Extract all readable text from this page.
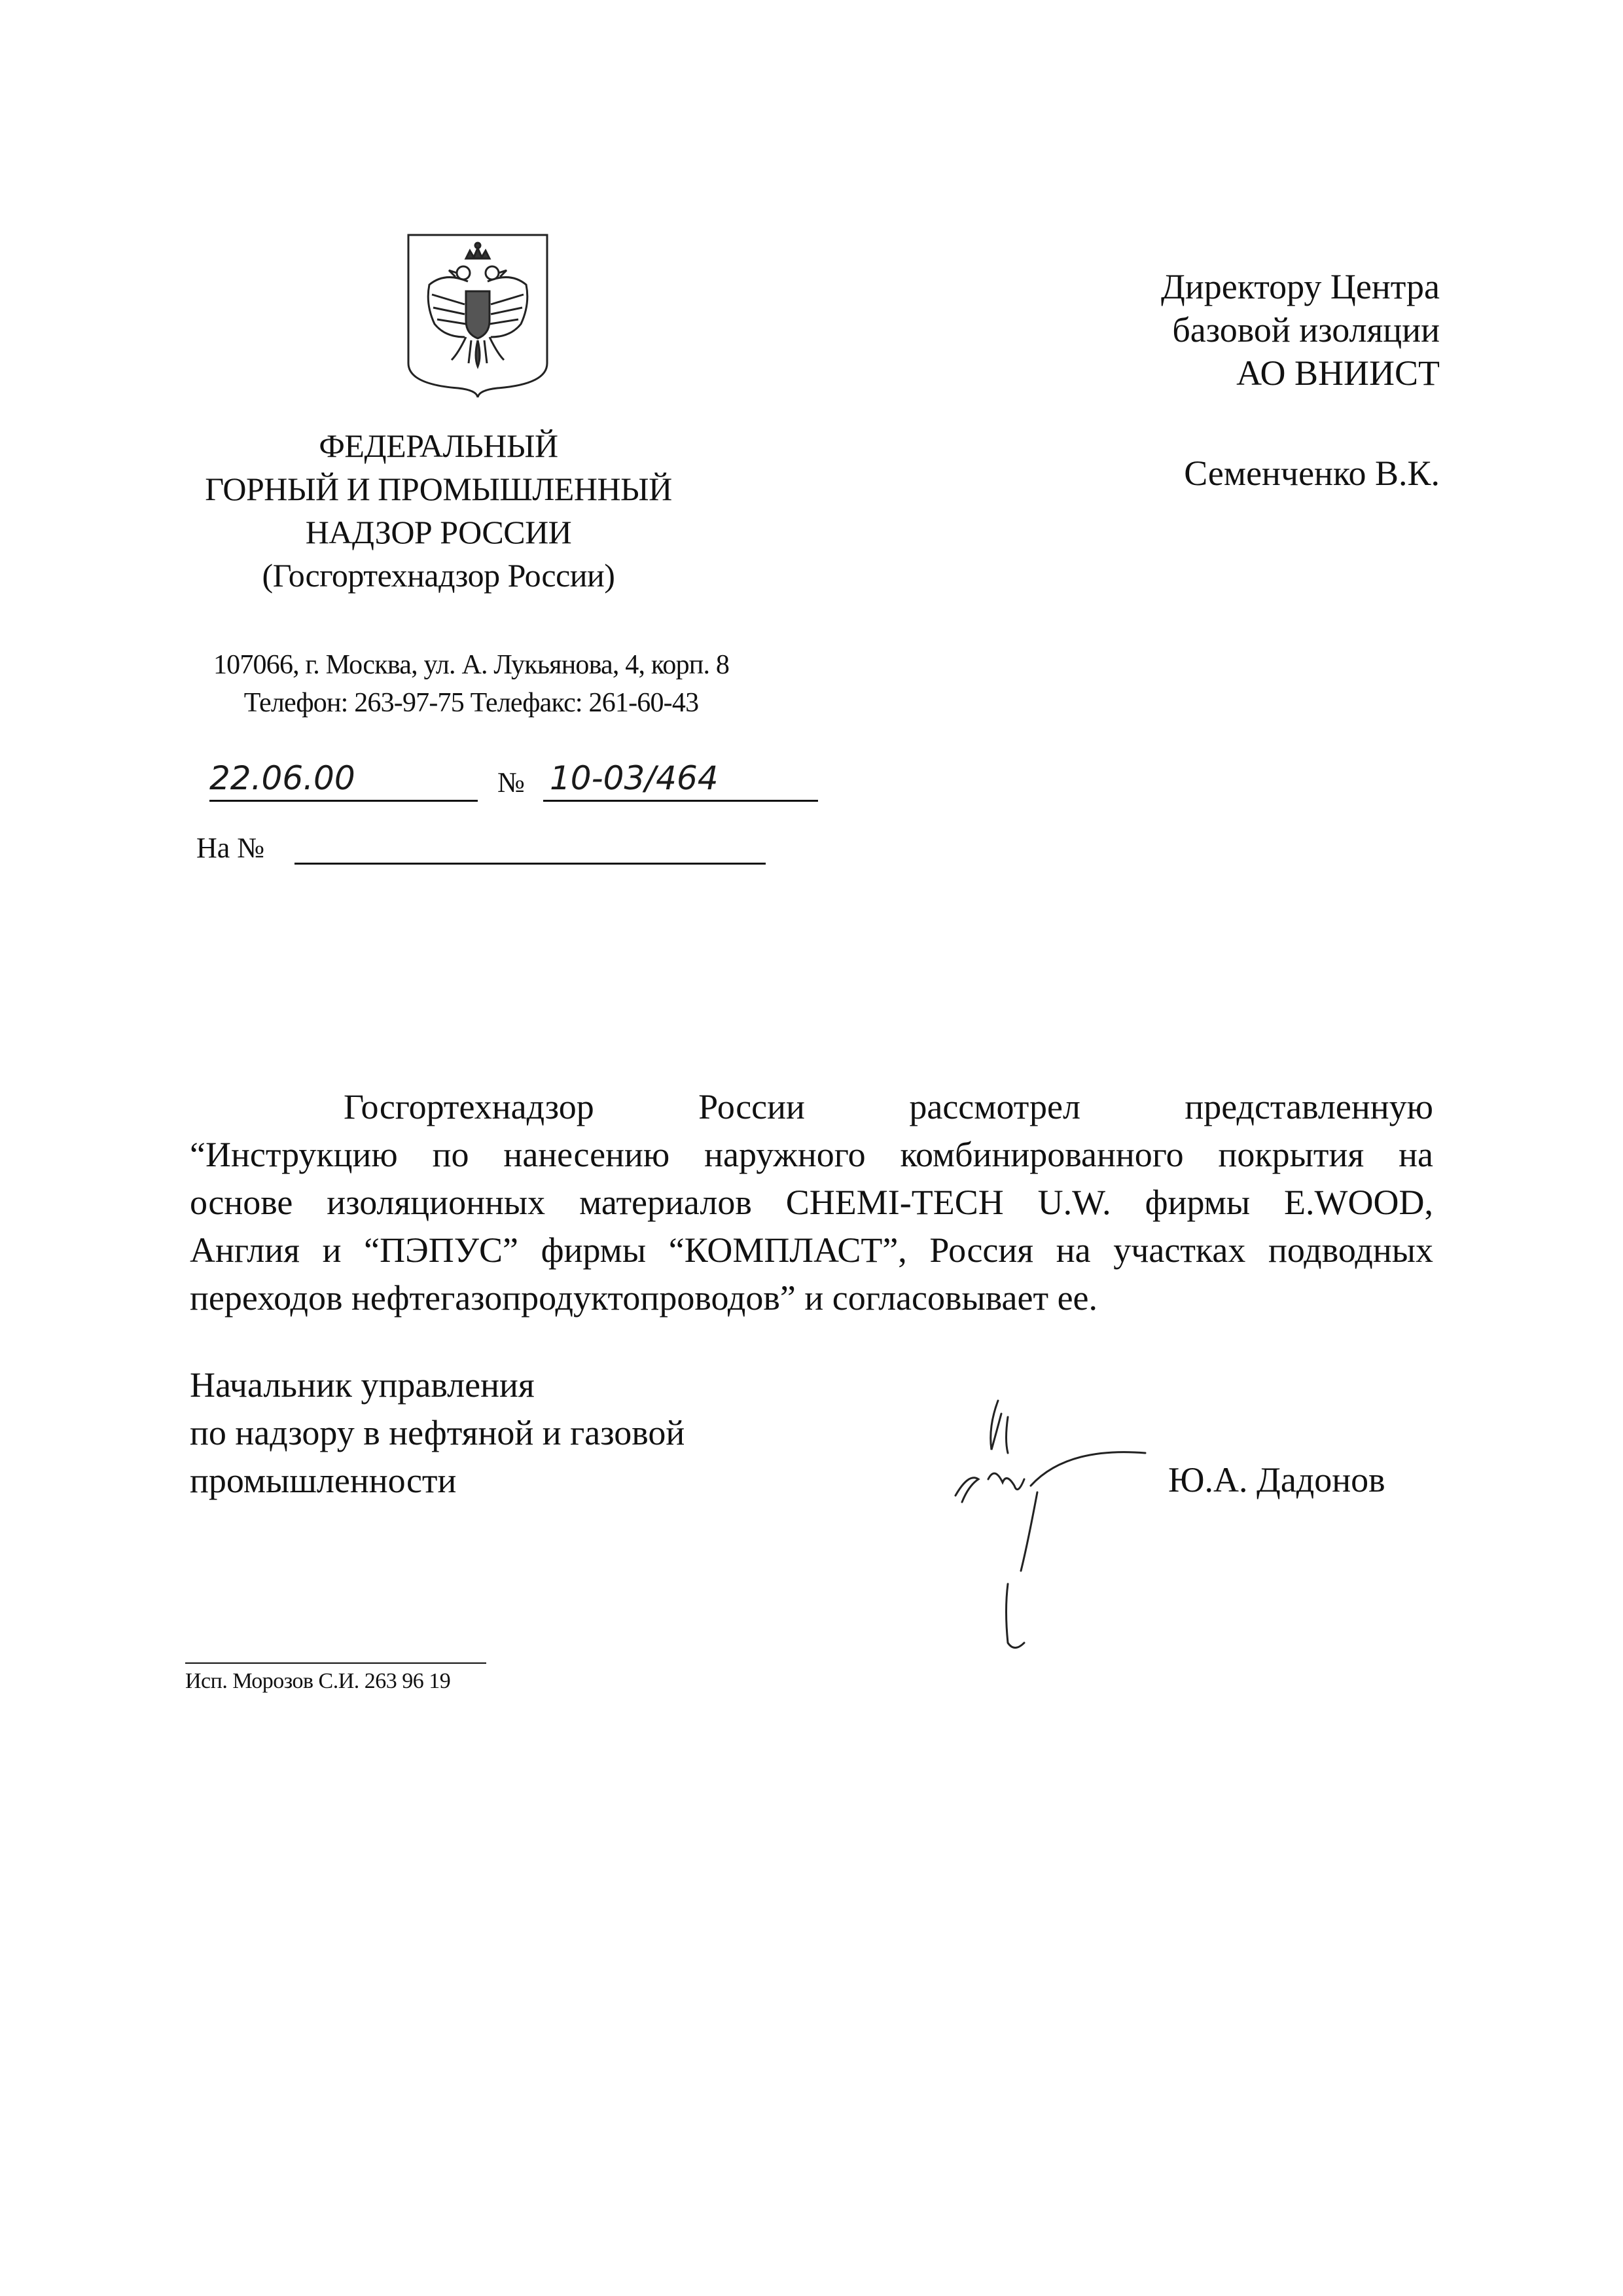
ФЕДЕРАЛЬНЫЙ
ГОРНЫЙ И ПРОМЫШЛЕННЫЙ
НАДЗОР РОССИИ
(Госгортехнадзор России)
107066, г. Москва, ул. А. Лукьянова, 4, корп. 8
Телефон: 263-97-75 Телефакс: 261-60-43
22.06.00	№ 10-03/464
На №
Директору Центра
базовой изоляции
АО ВНИИСТ
Семенченко В.К.
Госгортехнадзор России рассмотрел представленную
“Инструкцию по нанесению наружного комбинированного покрытия на
основе изоляционных материалов CHEMI-TECH U.W. фирмы E.WOOD,
Англия и “ПЭПУС” фирмы “КОМПЛАСТ”, Россия на участках подводных
переходов нефтегазопродуктопроводов” и согласовывает ее.
Начальник управления
по надзору в нефтяной и газовой
промышленности	Ю.А. Дадонов
Исп. Морозов С.И. 263 96 19
